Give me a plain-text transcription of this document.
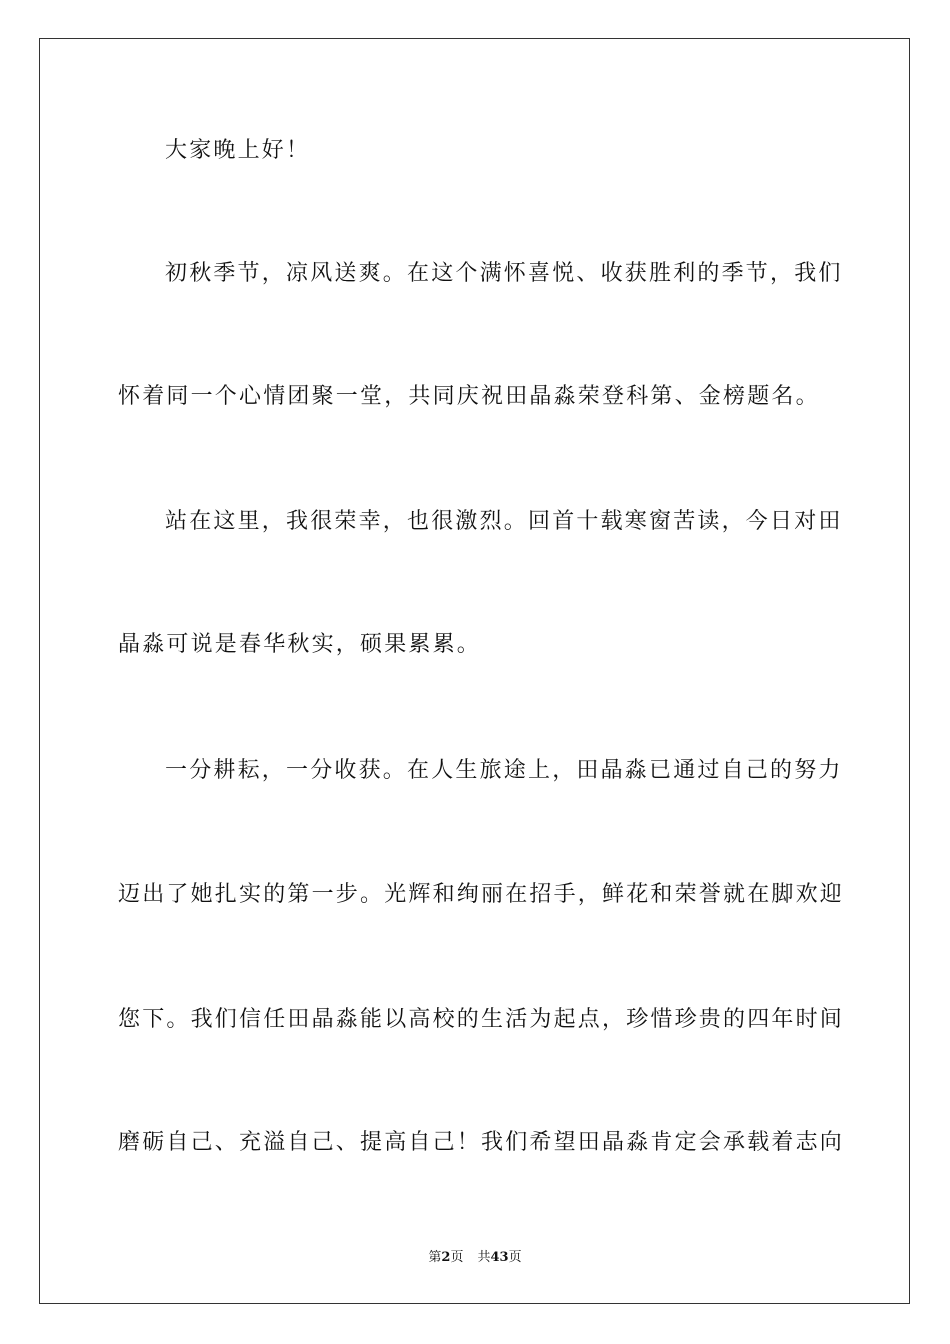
大家晚上好！
初秋季节，凉风送爽。在这个满怀喜悦、收获胜利的季节，我们
怀着同一个心情团聚一堂，共同庆祝田晶淼荣登科第、金榜题名。
站在这里，我很荣幸，也很激烈。回首十载寒窗苦读，今日对田
晶淼可说是春华秋实，硕果累累。
一分耕耘，一分收获。在人生旅途上，田晶淼已通过自己的努力
迈出了她扎实的第一步。光辉和绚丽在招手，鲜花和荣誉就在脚欢迎
您下。我们信任田晶淼能以高校的生活为起点，珍惜珍贵的四年时间
磨砺自己、充溢自己、提高自己！我们希望田晶淼肯定会承载着志向
第2页 共43页
